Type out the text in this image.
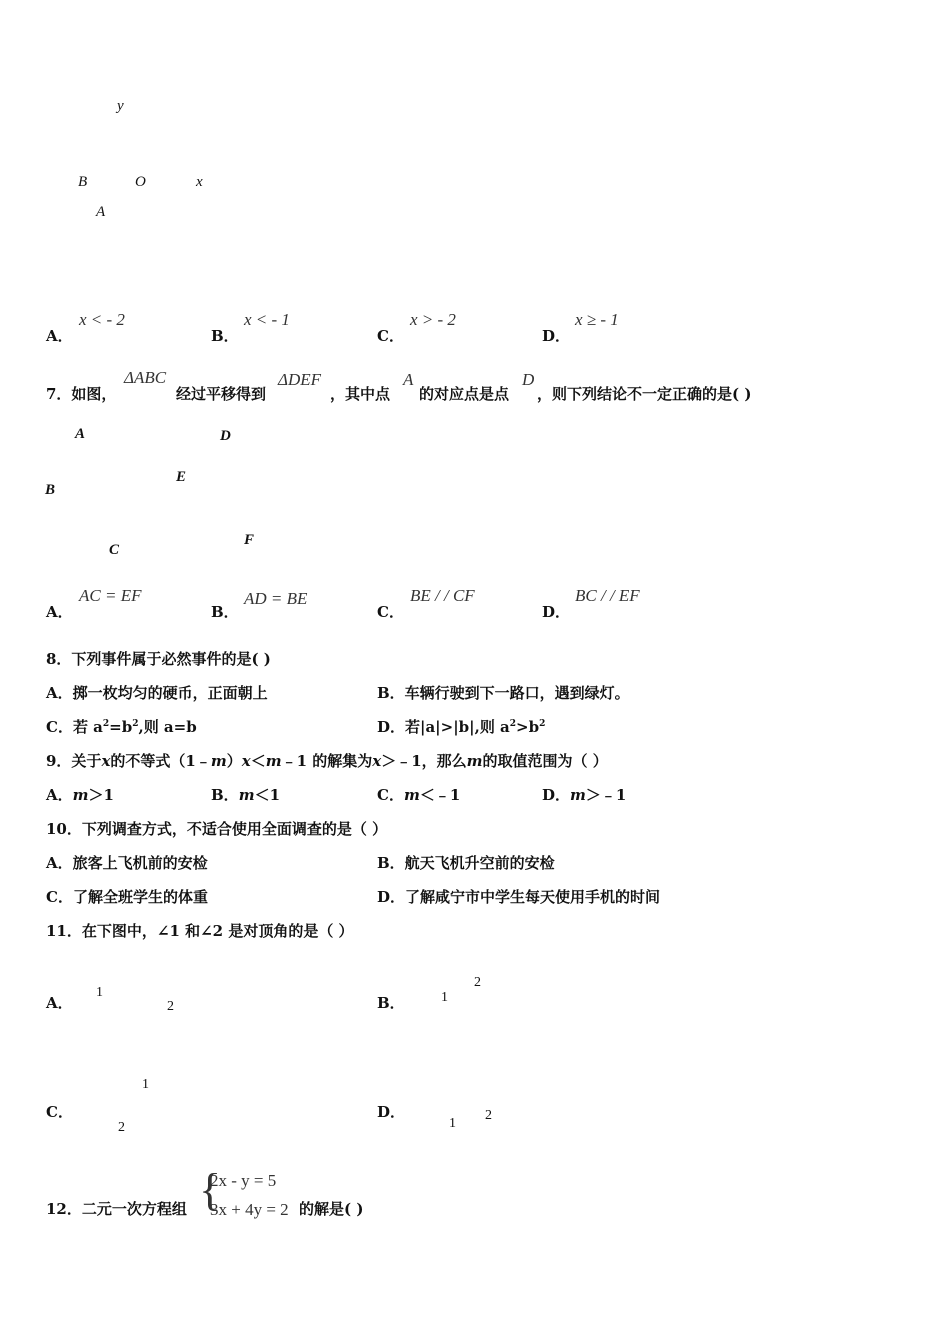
y
x
O
B
A
A．
x < - 2
B．
x < - 1
C．
x > - 2
D．
x ≥ - 1
7．如图，
ΔABC
经过平移得到
ΔDEF
，其中点
A
的对应点是点
D
，则下列结论不一定正确的是( )
A
B
C
D
E
F
A．
AC = EF
B．
AD = BE
C．
BE / / CF
D．
BC / / EF
8．下列事件属于必然事件的是( )
A．掷一枚均匀的硬币，正面朝上	B．车辆行驶到下一路口，遇到绿灯。
C．若 $a^2=b^2$,则 a=b	D．若|a|>|b|,则 $a^2>b^2$
9．关于x的不等式（1﹣m）x＜m﹣1 的解集为x＞﹣1，那么m的取值范围为（ ）
A．m＞1	B．m＜1	C．m＜﹣1	D．m＞﹣1
10．下列调查方式，不适合使用全面调查的是（ ）
A．旅客上飞机前的安检	B．航天飞机升空前的安检
C．了解全班学生的体重	D．了解咸宁市中学生每天使用手机的时间
11．在下图中，∠1 和∠2 是对顶角的是（ ）
A．	B．
C．	D．
1
2
1
2
1
2	1
2
12．二元一次方程组 {
2x - y = 5
3x + 4y = 2 的解是( )
